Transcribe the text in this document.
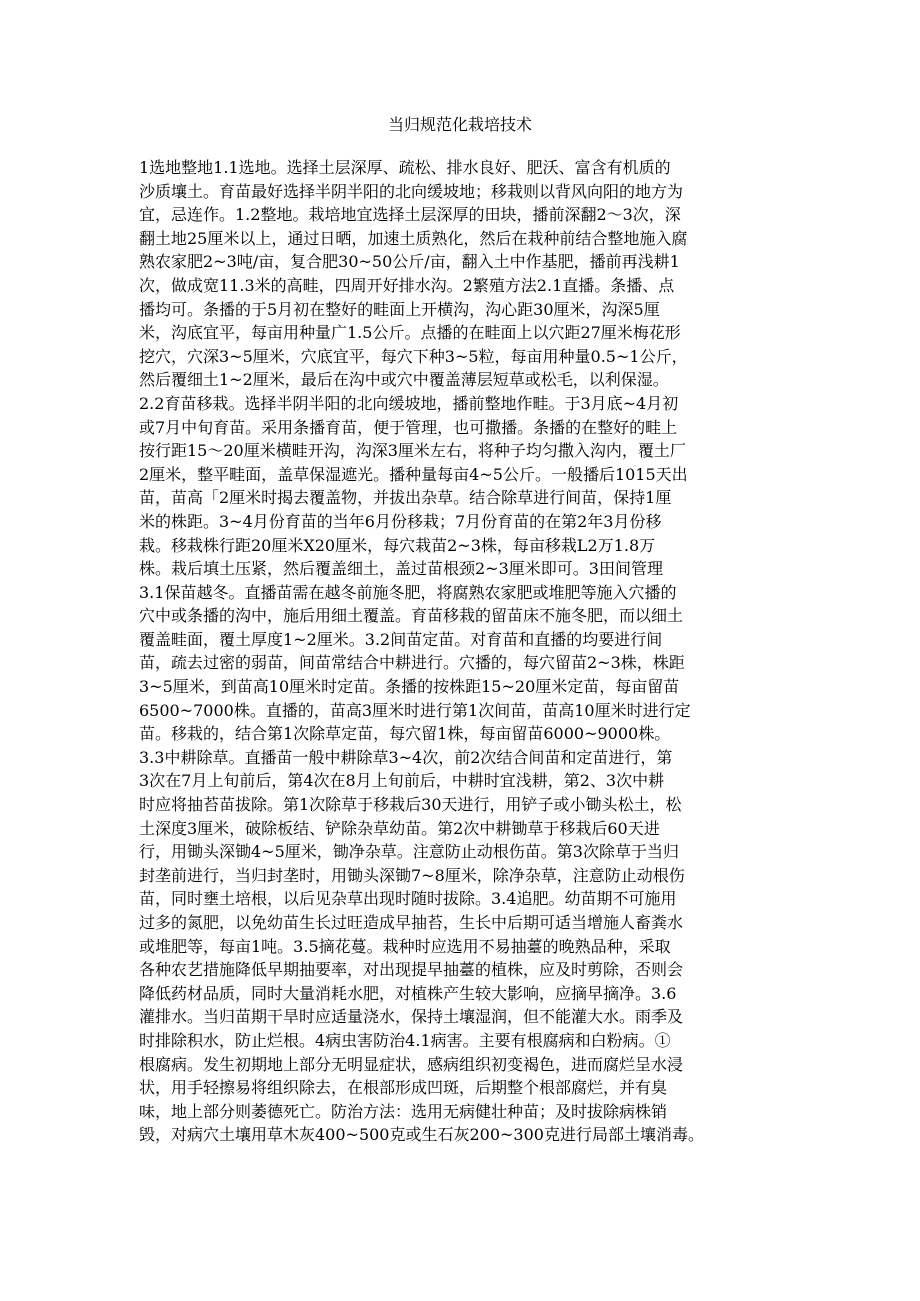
当归规范化栽培技术
1选地整地1.1选地。选择土层深厚、疏松、排水良好、肥沃、富含有机质的
沙质壤土。育苗最好选择半阴半阳的北向缓坡地；移栽则以背风向阳的地方为
宜，忌连作。1.2整地。栽培地宜选择土层深厚的田块，播前深翻2～3次，深
翻土地25厘米以上，通过日晒，加速土质熟化，然后在栽种前结合整地施入腐
熟农家肥2~3吨/亩，复合肥30~50公斤/亩，翻入土中作基肥，播前再浅耕1
次，做成宽11.3米的高畦，四周开好排水沟。2繁殖方法2.1直播。条播、点
播均可。条播的于5月初在整好的畦面上开横沟，沟心距30厘米，沟深5厘
米，沟底宜平，每亩用种量广1.5公斤。点播的在畦面上以穴距27厘米梅花形
挖穴，穴深3~5厘米，穴底宜平，每穴下种3~5粒，每亩用种量0.5~1公斤，
然后覆细土1~2厘米，最后在沟中或穴中覆盖薄层短草或松毛，以利保湿。
2.2育苗移栽。选择半阴半阳的北向缓坡地，播前整地作畦。于3月底~4月初
或7月中旬育苗。采用条播育苗，便于管理，也可撒播。条播的在整好的畦上
按行距15～20厘米横畦开沟，沟深3厘米左右，将种子均匀撒入沟内，覆土厂
2厘米，整平畦面，盖草保湿遮光。播种量每亩4~5公斤。一般播后1015天出
苗，苗高「2厘米时揭去覆盖物，并拔出杂草。结合除草进行间苗，保持1厘
米的株距。3~4月份育苗的当年6月份移栽；7月份育苗的在第2年3月份移
栽。移栽株行距20厘米X20厘米，每穴栽苗2~3株，每亩移栽L2万1.8万
株。栽后填土压紧，然后覆盖细土，盖过苗根颈2~3厘米即可。3田间管理
3.1保苗越冬。直播苗需在越冬前施冬肥，将腐熟农家肥或堆肥等施入穴播的
穴中或条播的沟中，施后用细土覆盖。育苗移栽的留苗床不施冬肥，而以细土
覆盖畦面，覆土厚度1~2厘米。3.2间苗定苗。对育苗和直播的均要进行间
苗，疏去过密的弱苗，间苗常结合中耕进行。穴播的，每穴留苗2~3株，株距
3~5厘米，到苗高10厘米时定苗。条播的按株距15~20厘米定苗，每亩留苗
6500~7000株。直播的，苗高3厘米时进行第1次间苗，苗高10厘米时进行定
苗。移栽的，结合第1次除草定苗，每穴留1株，每亩留苗6000~9000株。
3.3中耕除草。直播苗一般中耕除草3~4次，前2次结合间苗和定苗进行，第
3次在7月上旬前后，第4次在8月上旬前后，中耕时宜浅耕，第2、3次中耕
时应将抽苔苗拔除。第1次除草于移栽后30天进行，用铲子或小锄头松土，松
土深度3厘米，破除板结、铲除杂草幼苗。第2次中耕锄草于移栽后60天进
行，用锄头深锄4~5厘米，锄净杂草。注意防止动根伤苗。第3次除草于当归
封垄前进行，当归封垄时，用锄头深锄7~8厘米，除净杂草，注意防止动根伤
苗，同时壅土培根，以后见杂草出现时随时拔除。3.4追肥。幼苗期不可施用
过多的氮肥，以免幼苗生长过旺造成早抽苔，生长中后期可适当增施人畜粪水
或堆肥等，每亩1吨。3.5摘花蔓。栽种时应选用不易抽薹的晚熟品种，采取
各种农艺措施降低早期抽要率，对出现提早抽薹的植株，应及时剪除，否则会
降低药材品质，同时大量消耗水肥，对植株产生较大影响，应摘早摘净。3.6
灌排水。当归苗期干旱时应适量浇水，保持土壤湿润，但不能灌大水。雨季及
时排除积水，防止烂根。4病虫害防治4.1病害。主要有根腐病和白粉病。①
根腐病。发生初期地上部分无明显症状，感病组织初变褐色，进而腐烂呈水浸
状，用手轻擦易将组织除去，在根部形成凹斑，后期整个根部腐烂，并有臭
味，地上部分则萎德死亡。防治方法：选用无病健壮种苗；及时拔除病株销
毁，对病穴土壤用草木灰400~500克或生石灰200~300克进行局部土壤消毒。
